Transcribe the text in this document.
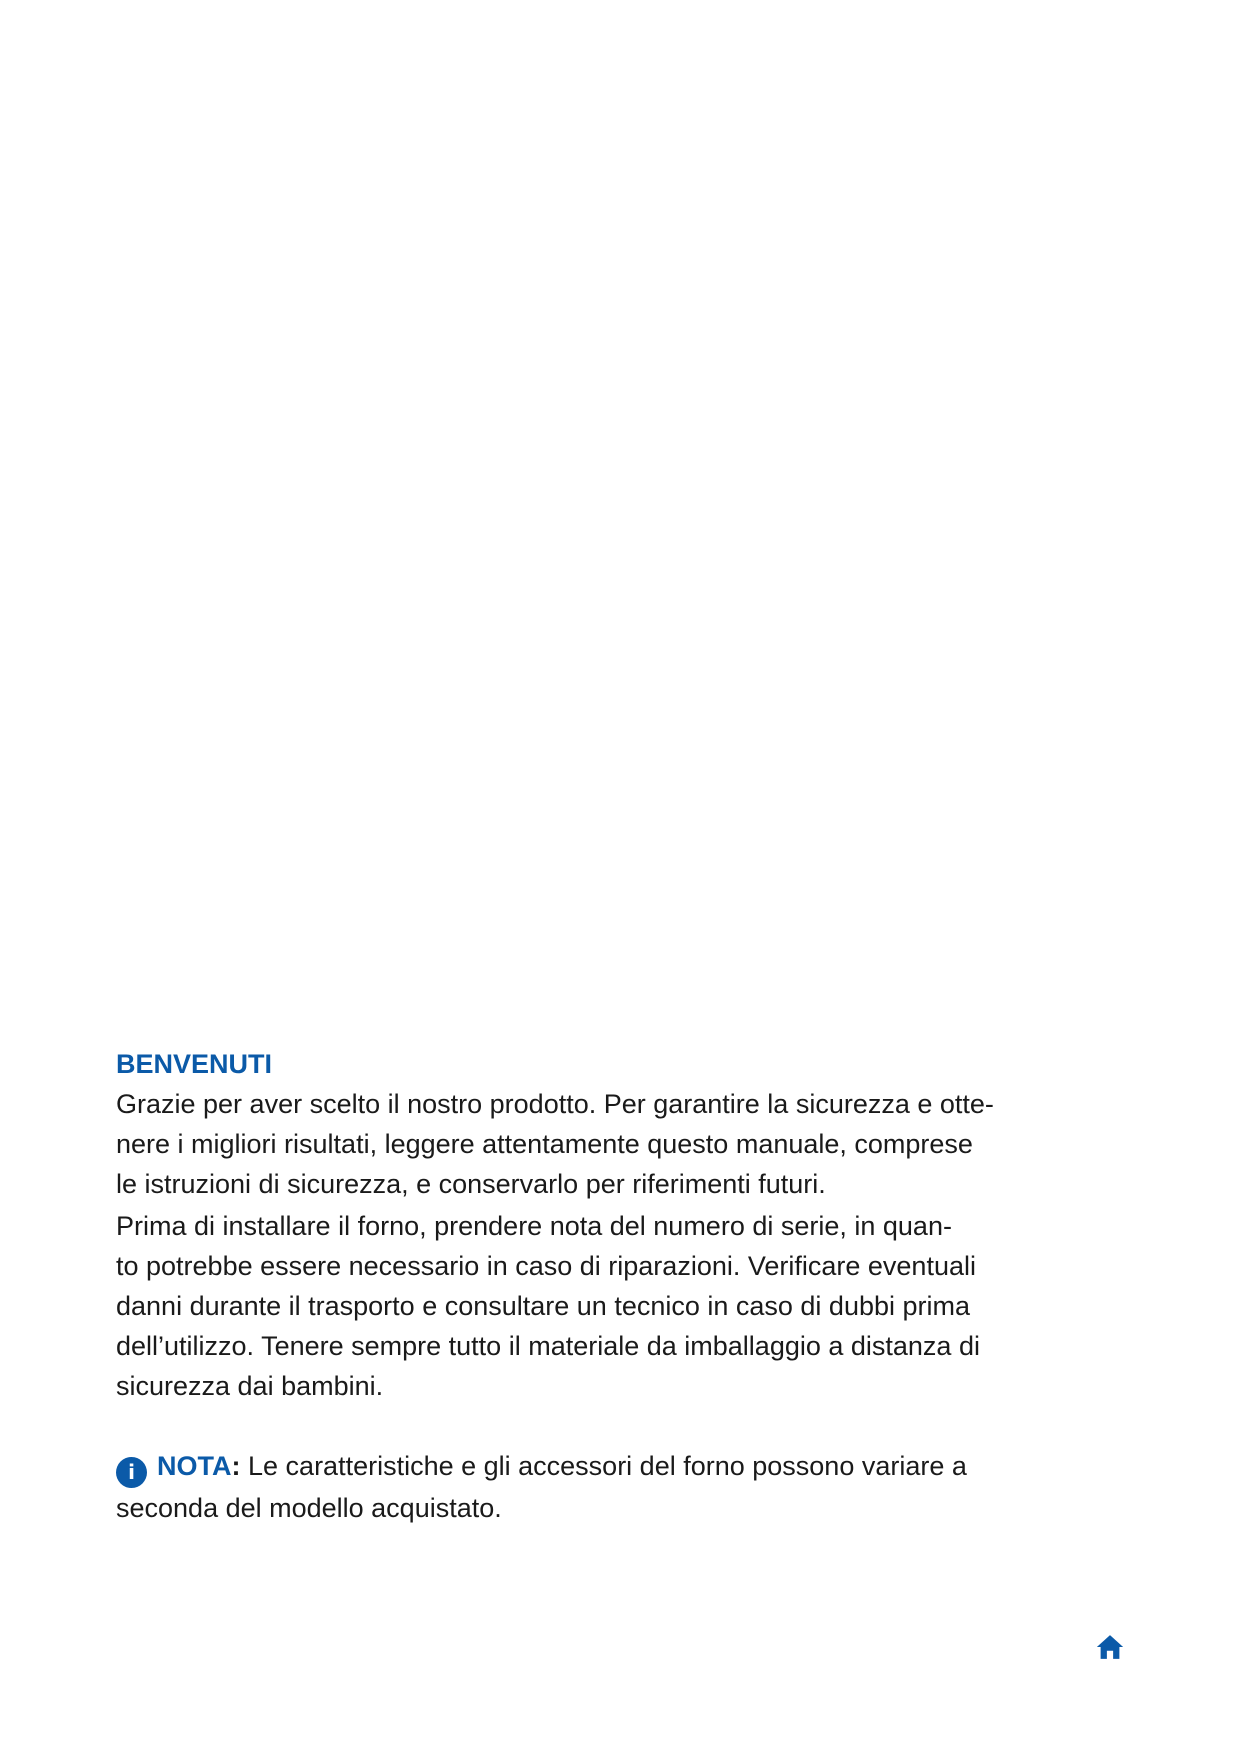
BENVENUTI

Grazie per aver scelto il nostro prodotto. Per garantire la sicurezza e otte-

nere i migliori risultati, leggere attentamente questo manuale, comprese

le istruzioni di sicurezza, e conservarlo per riferimenti futuri.

Prima di installare il forno, prendere nota del numero di serie, in quan-

to potrebbe essere necessario in caso di riparazioni. Verificare eventuali

danni durante il trasporto e consultare un tecnico in caso di dubbi prima

dell’utilizzo. Tenere sempre tutto il materiale da imballaggio a distanza di

sicurezza dai bambini.

i NOTA: Le caratteristiche e gli accessori del forno possono variare a

seconda del modello acquistato.
